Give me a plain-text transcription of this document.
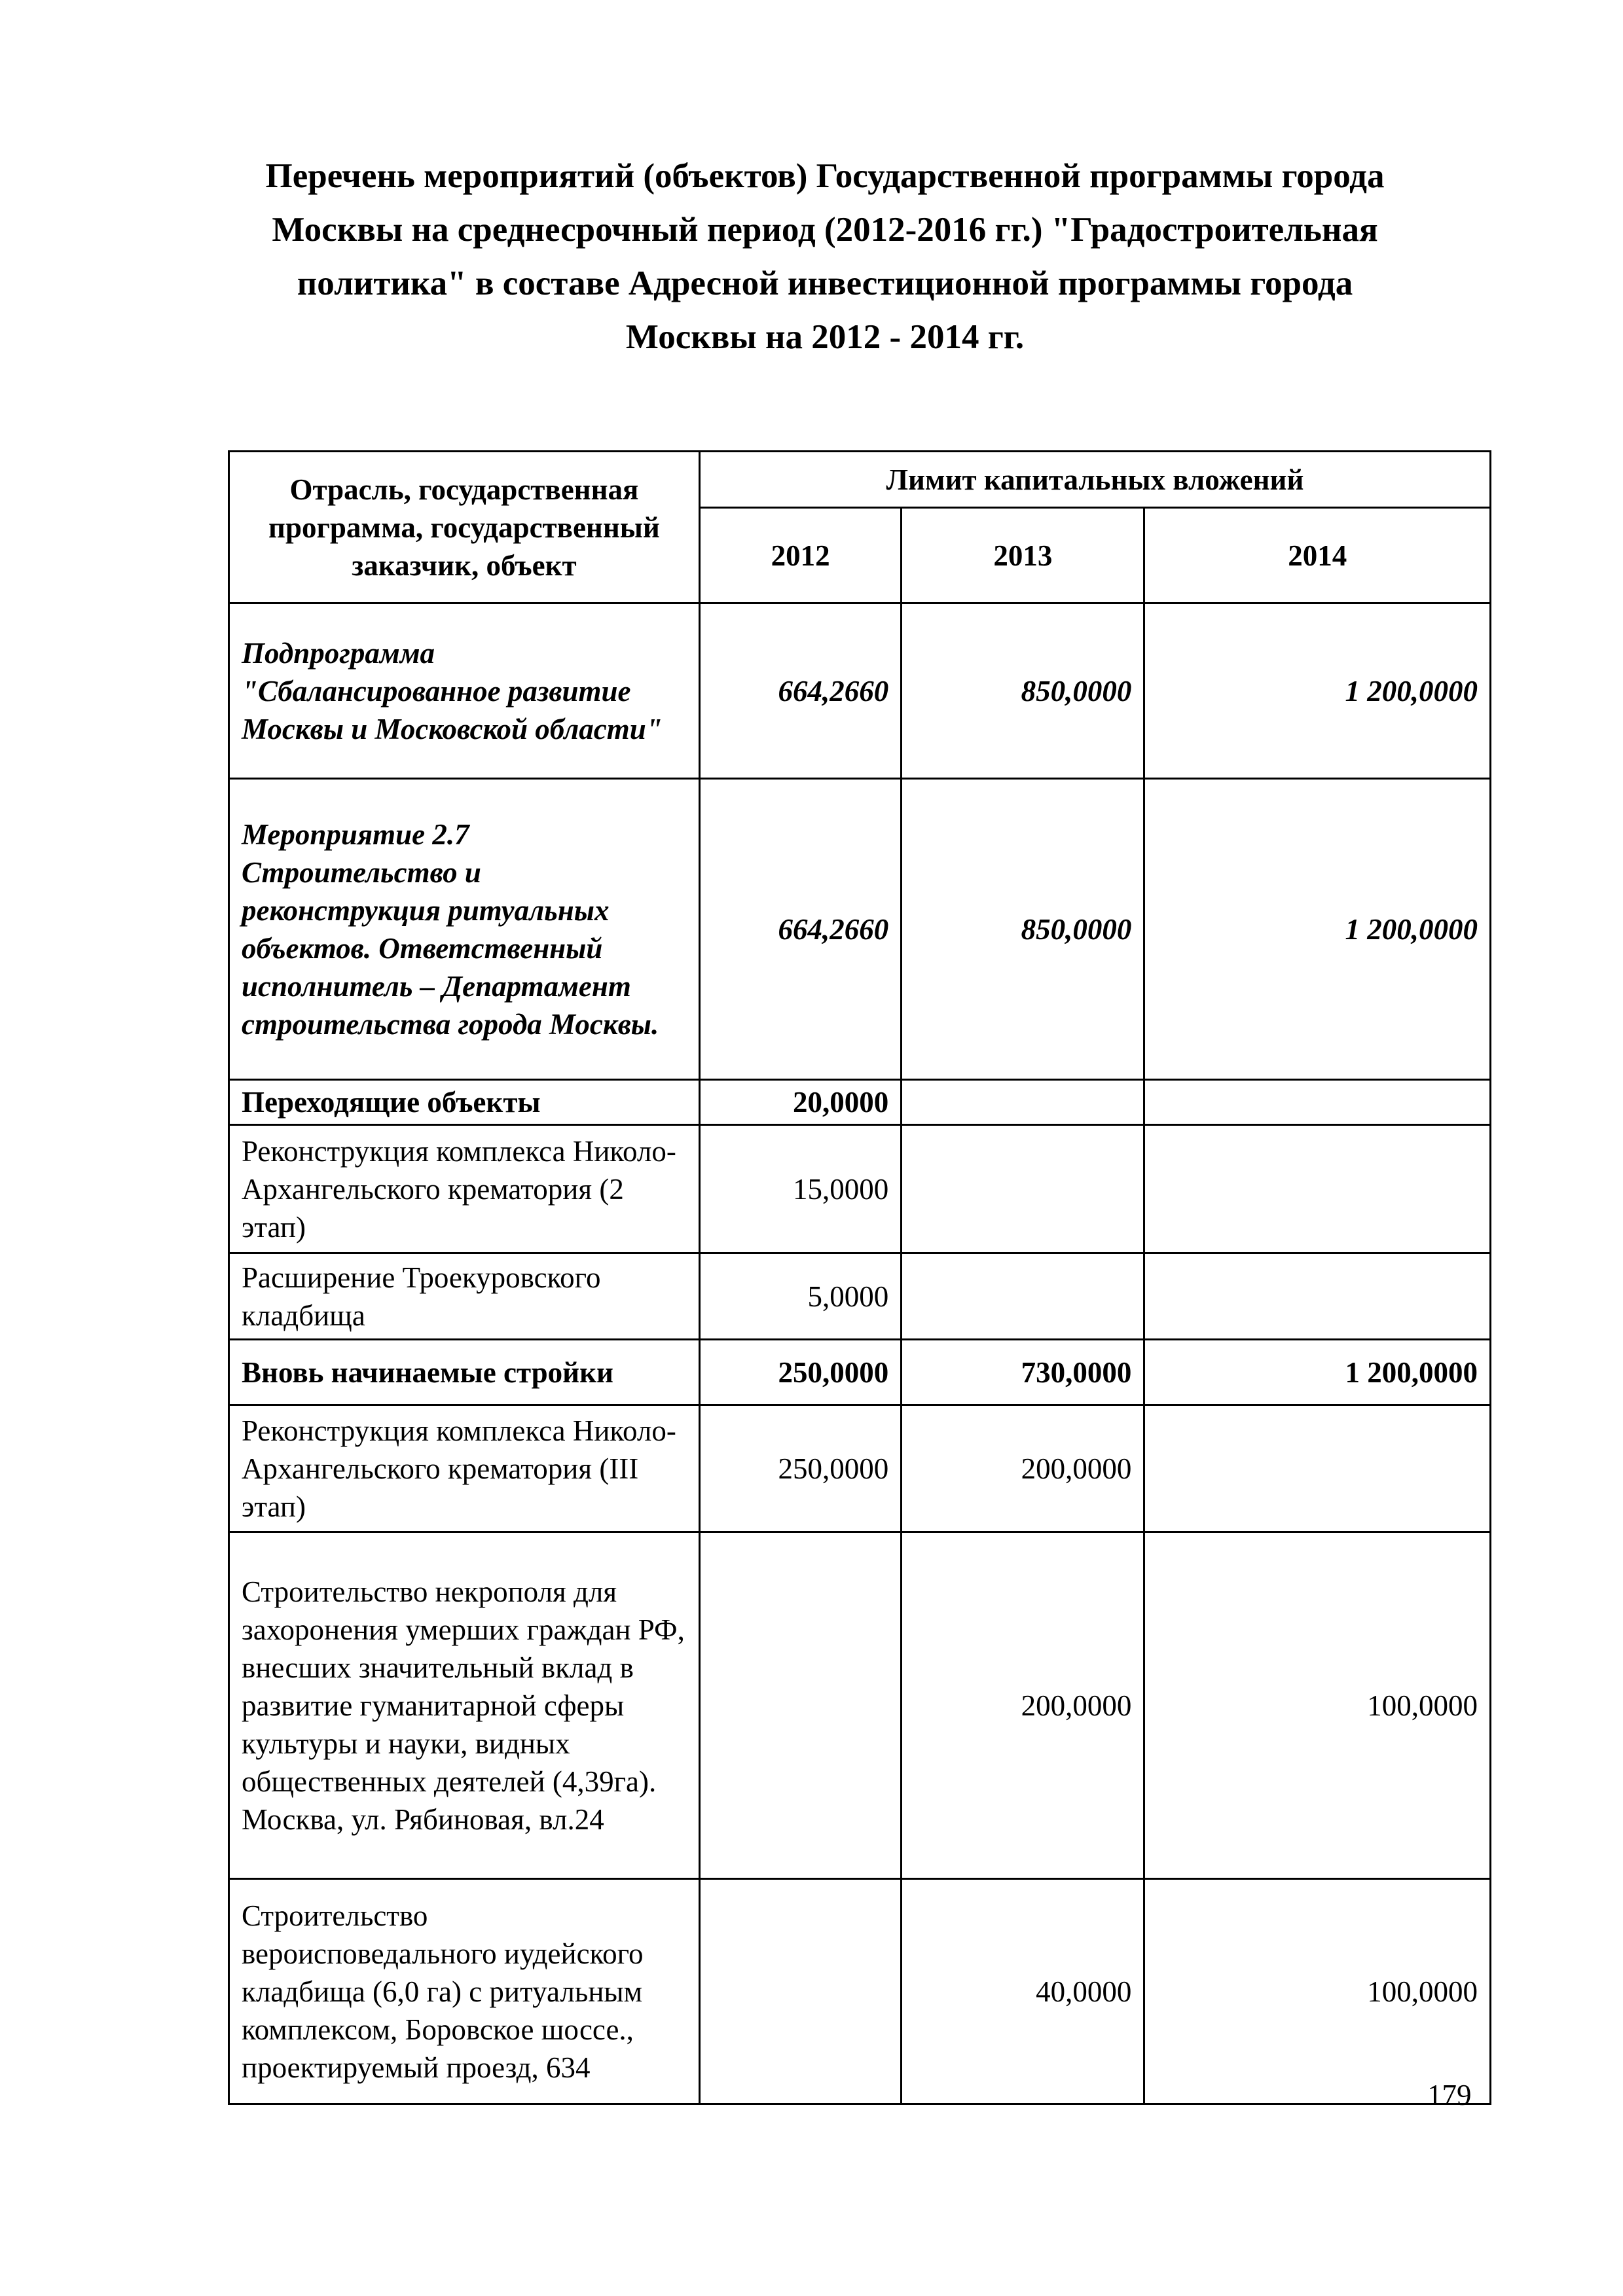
Перечень мероприятий (объектов) Государственной программы города
Москвы на среднесрочный период (2012-2016 гг.) "Градостроительная
политика" в составе Адресной инвестиционной программы города
Москвы на 2012 - 2014 гг.
Отрасль, государственная программа, государственный заказчик, объект	Лимит капитальных вложений		
	2012	2013	2014
Подпрограмма "Сбалансированное развитие Москвы и Московской области"	664,2660	850,0000	1 200,0000
Мероприятие 2.7 Строительство и реконструкция ритуальных объектов. Ответственный исполнитель – Департамент строительства города Москвы.	664,2660	850,0000	1 200,0000
Переходящие объекты	20,0000		
Реконструкция комплекса Николо-Архангельского крематория (2 этап)	15,0000		
Расширение Троекуровского кладбища	5,0000		
Вновь начинаемые стройки	250,0000	730,0000	1 200,0000
Реконструкция комплекса Николо-Архангельского крематория (III этап)	250,0000	200,0000	
Строительство некрополя для захоронения умерших граждан РФ, внесших значительный вклад в развитие гуманитарной сферы культуры и науки, видных общественных деятелей (4,39га). Москва, ул. Рябиновая, вл.24		200,0000	100,0000
Строительство вероисповедального иудейского кладбища (6,0 га) с ритуальным комплексом, Боровское шоссе., проектируемый проезд, 634		40,0000	100,0000
179
